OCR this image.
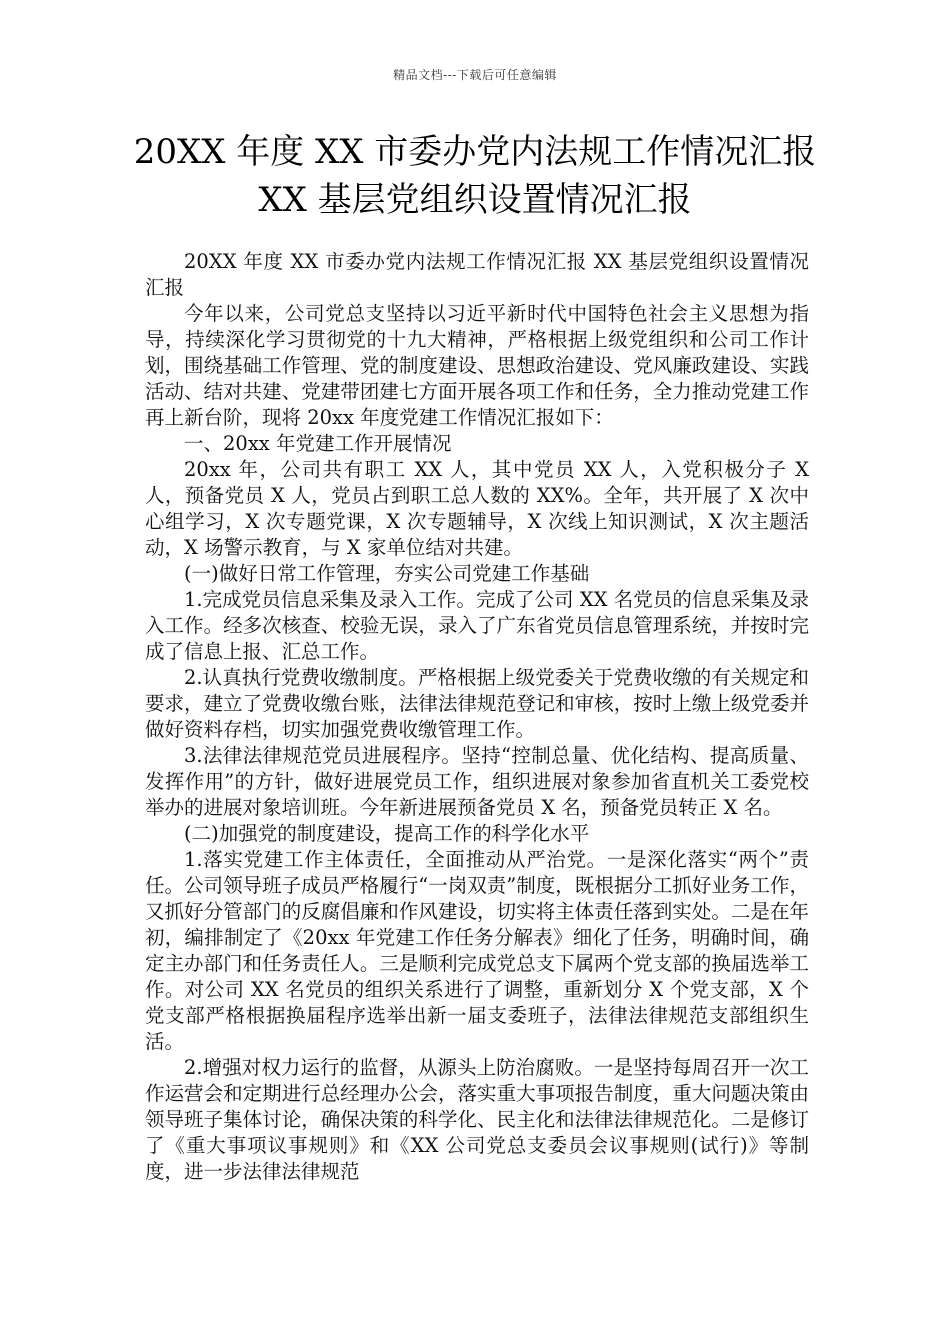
精品文档---下载后可任意编辑
20XX 年度 XX 市委办党内法规工作情况汇报
XX 基层党组织设置情况汇报

20XX 年度 XX 市委办党内法规工作情况汇报 XX 基层党组织设置情况汇报

今年以来，公司党总支坚持以习近平新时代中国特色社会主义思想为指导，持续深化学习贯彻党的十九大精神，严格根据上级党组织和公司工作计划，围绕基础工作管理、党的制度建设、思想政治建设、党风廉政建设、实践活动、结对共建、党建带团建七方面开展各项工作和任务，全力推动党建工作再上新台阶，现将 20xx 年度党建工作情况汇报如下：

一、20xx 年党建工作开展情况

20xx 年，公司共有职工 XX 人，其中党员 XX 人，入党积极分子 X 人，预备党员 X 人，党员占到职工总人数的 XX%。全年，共开展了 X 次中心组学习，X 次专题党课，X 次专题辅导，X 次线上知识测试，X 次主题活动，X 场警示教育，与 X 家单位结对共建。

(一)做好日常工作管理，夯实公司党建工作基础

1.完成党员信息采集及录入工作。完成了公司 XX 名党员的信息采集及录入工作。经多次核查、校验无误，录入了广东省党员信息管理系统，并按时完成了信息上报、汇总工作。

2.认真执行党费收缴制度。严格根据上级党委关于党费收缴的有关规定和要求，建立了党费收缴台账，法律法律规范登记和审核，按时上缴上级党委并做好资料存档，切实加强党费收缴管理工作。

3.法律法律规范党员进展程序。坚持“控制总量、优化结构、提高质量、发挥作用”的方针，做好进展党员工作，组织进展对象参加省直机关工委党校举办的进展对象培训班。今年新进展预备党员 X 名，预备党员转正 X 名。

(二)加强党的制度建设，提高工作的科学化水平

1.落实党建工作主体责任，全面推动从严治党。一是深化落实“两个”责任。公司领导班子成员严格履行“一岗双责”制度，既根据分工抓好业务工作，又抓好分管部门的反腐倡廉和作风建设，切实将主体责任落到实处。二是在年初，编排制定了《20xx 年党建工作任务分解表》细化了任务，明确时间，确定主办部门和任务责任人。三是顺利完成党总支下属两个党支部的换届选举工作。对公司 XX 名党员的组织关系进行了调整，重新划分 X 个党支部，X 个党支部严格根据换届程序选举出新一届支委班子，法律法律规范支部组织生活。

2.增强对权力运行的监督，从源头上防治腐败。一是坚持每周召开一次工作运营会和定期进行总经理办公会，落实重大事项报告制度，重大问题决策由领导班子集体讨论，确保决策的科学化、民主化和法律法律规范化。二是修订了《重大事项议事规则》和《XX 公司党总支委员会议事规则(试行)》等制度，进一步法律法律规范
